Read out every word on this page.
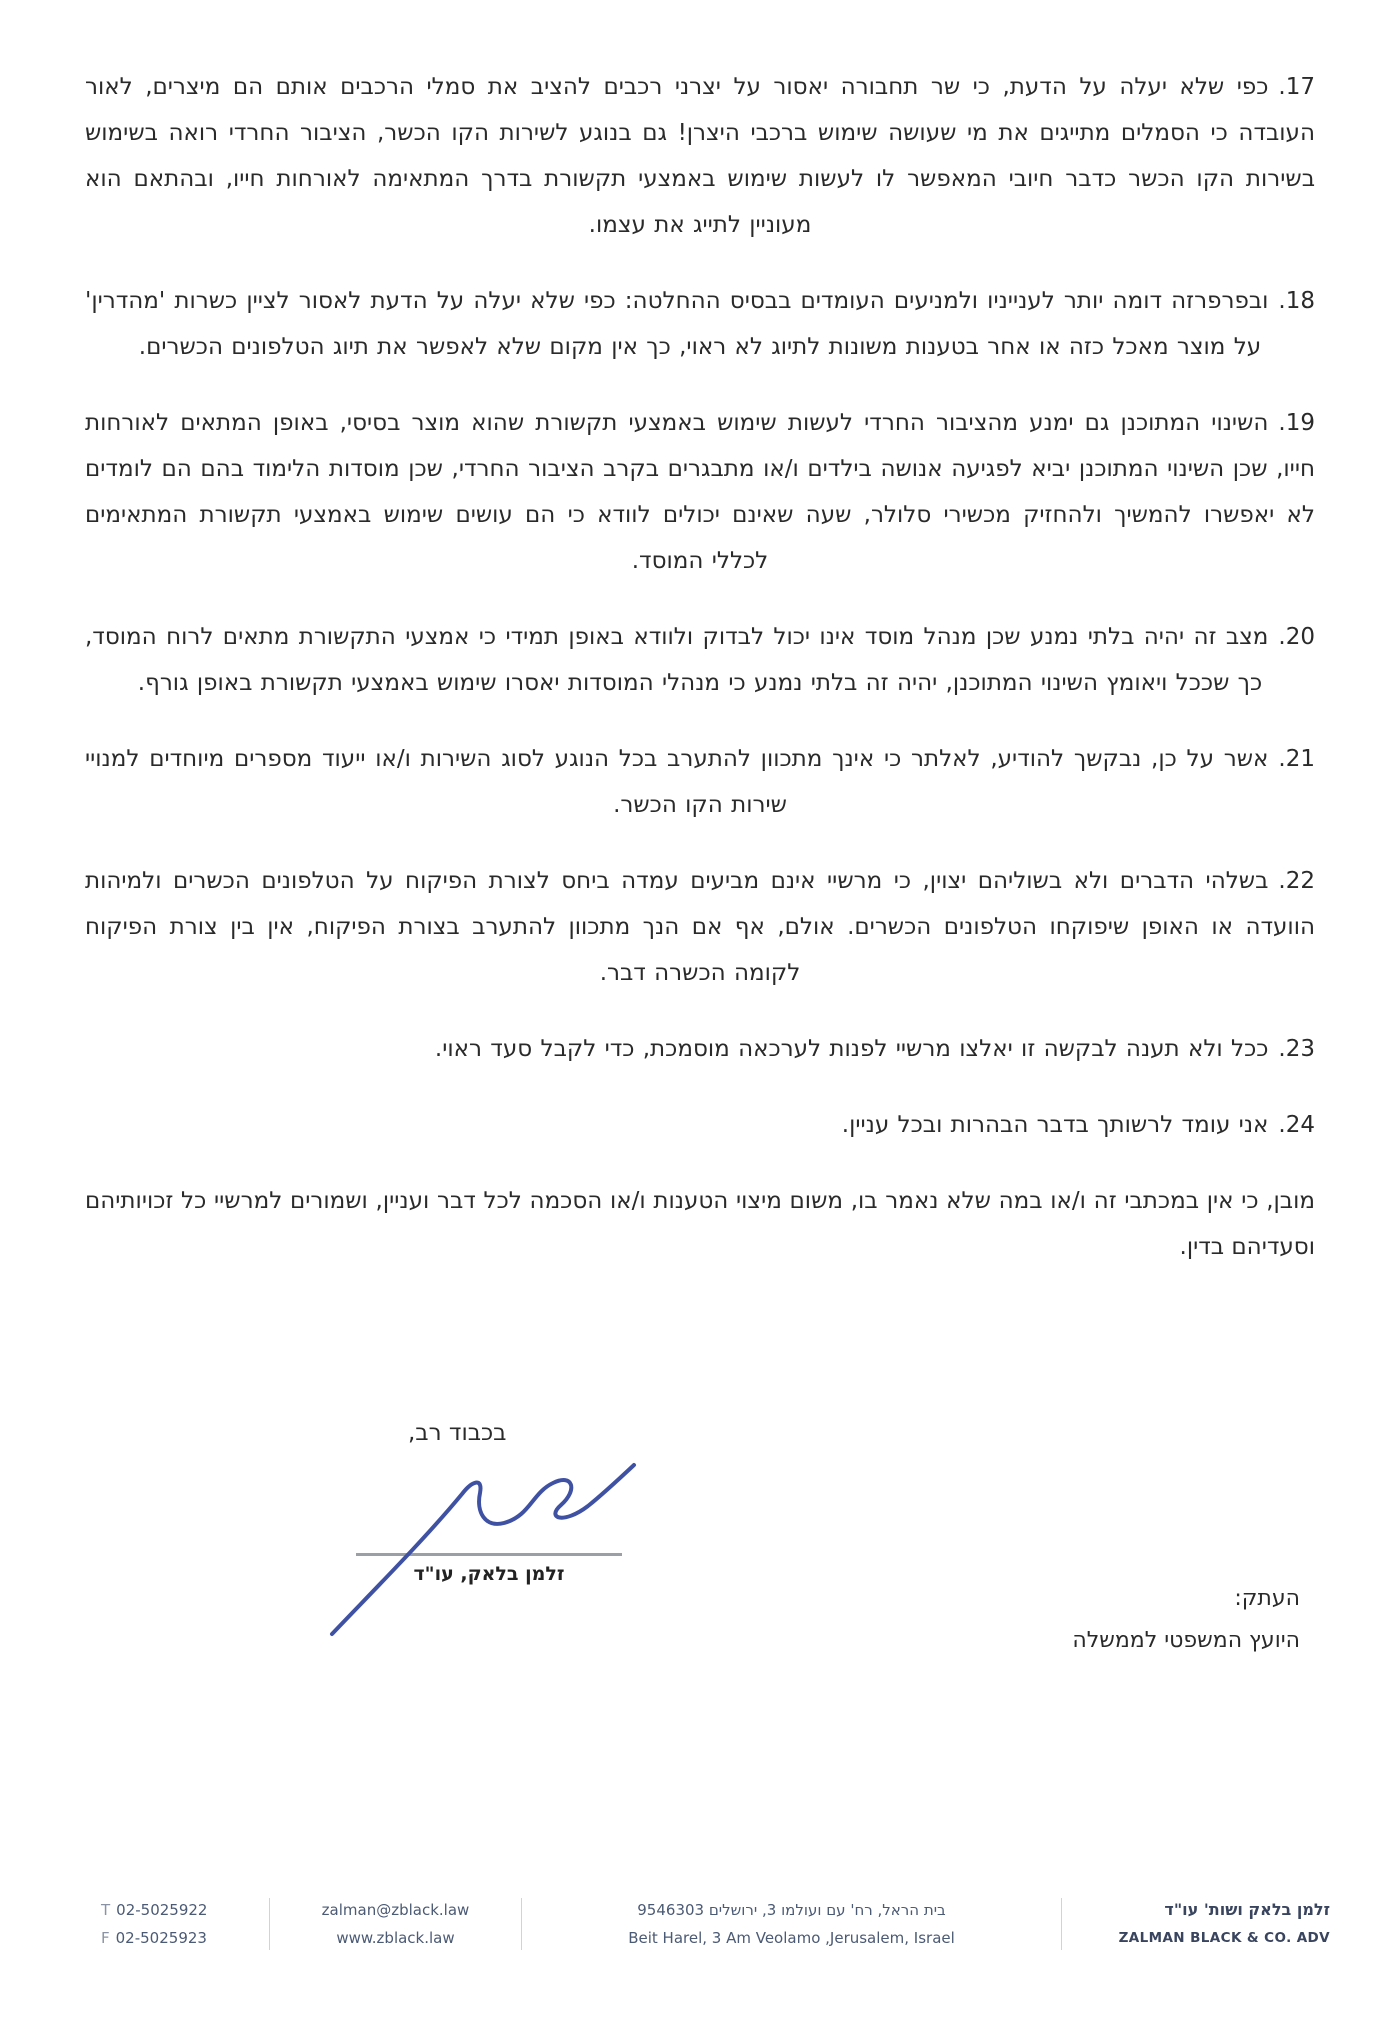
17.כפי שלא יעלה על הדעת, כי שר תחבורה יאסור על יצרני רכבים להציב את סמלי הרכבים אותם הם מיצרים, לאור העובדה כי הסמלים מתייגים את מי שעושה שימוש ברכבי היצרן! גם בנוגע לשירות הקו הכשר, הציבור החרדי רואה בשימוש בשירות הקו הכשר כדבר חיובי המאפשר לו לעשות שימוש באמצעי תקשורת בדרך המתאימה לאורחות חייו, ובהתאם הוא מעוניין לתייג את עצמו.

18.ובפרפרזה דומה יותר לענייניו ולמניעים העומדים בבסיס ההחלטה: כפי שלא יעלה על הדעת לאסור לציין כשרות 'מהדרין' על מוצר מאכל כזה או אחר בטענות משונות לתיוג לא ראוי, כך אין מקום שלא לאפשר את תיוג הטלפונים הכשרים.

19.השינוי המתוכנן גם ימנע מהציבור החרדי לעשות שימוש באמצעי תקשורת שהוא מוצר בסיסי, באופן המתאים לאורחות חייו, שכן השינוי המתוכנן יביא לפגיעה אנושה בילדים ו/או מתבגרים בקרב הציבור החרדי, שכן מוסדות הלימוד בהם הם לומדים לא יאפשרו להמשיך ולהחזיק מכשירי סלולר, שעה שאינם יכולים לוודא כי הם עושים שימוש באמצעי תקשורת המתאימים לכללי המוסד.

20.מצב זה יהיה בלתי נמנע שכן מנהל מוסד אינו יכול לבדוק ולוודא באופן תמידי כי אמצעי התקשורת מתאים לרוח המוסד, כך שככל ויאומץ השינוי המתוכנן, יהיה זה בלתי נמנע כי מנהלי המוסדות יאסרו שימוש באמצעי תקשורת באופן גורף.

21.אשר על כן, נבקשך להודיע, לאלתר כי אינך מתכוון להתערב בכל הנוגע לסוג השירות ו/או ייעוד מספרים מיוחדים למנויי שירות הקו הכשר.

22.בשלהי הדברים ולא בשוליהם יצוין, כי מרשיי אינם מביעים עמדה ביחס לצורת הפיקוח על הטלפונים הכשרים ולמיהות הוועדה או האופן שיפוקחו הטלפונים הכשרים. אולם, אף אם הנך מתכוון להתערב בצורת הפיקוח, אין בין צורת הפיקוח לקומה הכשרה דבר.

23.ככל ולא תענה לבקשה זו יאלצו מרשיי לפנות לערכאה מוסמכת, כדי לקבל סעד ראוי.

24.אני עומד לרשותך בדבר הבהרות ובכל עניין.

מובן, כי אין במכתבי זה ו/או במה שלא נאמר בו, משום מיצוי הטענות ו/או הסכמה לכל דבר ועניין, ושמורים למרשיי כל זכויותיהם וסעדיהם בדין.

בכבוד רב,
זלמן בלאק, עו"ד
העתק:
היועץ המשפטי לממשלה
T 02-5025922
F 02-5025923
zalman@zblack.law
www.zblack.law
בית הראל, רח' עם ועולמו 3, ירושלים 9546303
Beit Harel, 3 Am Veolamo ,Jerusalem, Israel
זלמן בלאק ושות' עו"ד
ZALMAN BLACK & CO. ADV
